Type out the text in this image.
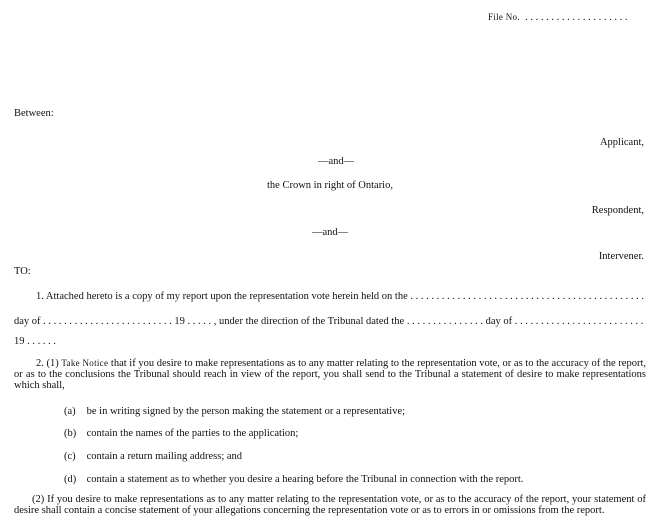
File No. . . . . . . . . . . . . . . . . . . . .
Between:
Applicant,
—and—
the Crown in right of Ontario,
Respondent,
—and—
Intervener.
TO:
1. Attached hereto is a copy of my report upon the representation vote herein held on the . . . . . . . . . . . . . . . . . . . . . . . . . . . . . . . . . . . . . . . . . . . . .
day of . . . . . . . . . . . . . . . . . . . . . . . . . 19 . . . . . , under the direction of the Tribunal dated the . . . . . . . . . . . . . . . day of . . . . . . . . . . . . . . . . . . . . . . . . .
19 . . . . . .
2. (1) Take Notice that if you desire to make representations as to any matter relating to the representation vote, or as to the accuracy of the report, or as to the conclusions the Tribunal should reach in view of the report, you shall send to the Tribunal a statement of desire to make representations which shall,
(a) be in writing signed by the person making the statement or a representative;
(b) contain the names of the parties to the application;
(c) contain a return mailing address; and
(d) contain a statement as to whether you desire a hearing before the Tribunal in connection with the report.
(2) If you desire to make representations as to any matter relating to the representation vote, or as to the accuracy of the report, your statement of desire shall contain a concise statement of your allegations concerning the representation vote or as to errors in or omissions from the report.
